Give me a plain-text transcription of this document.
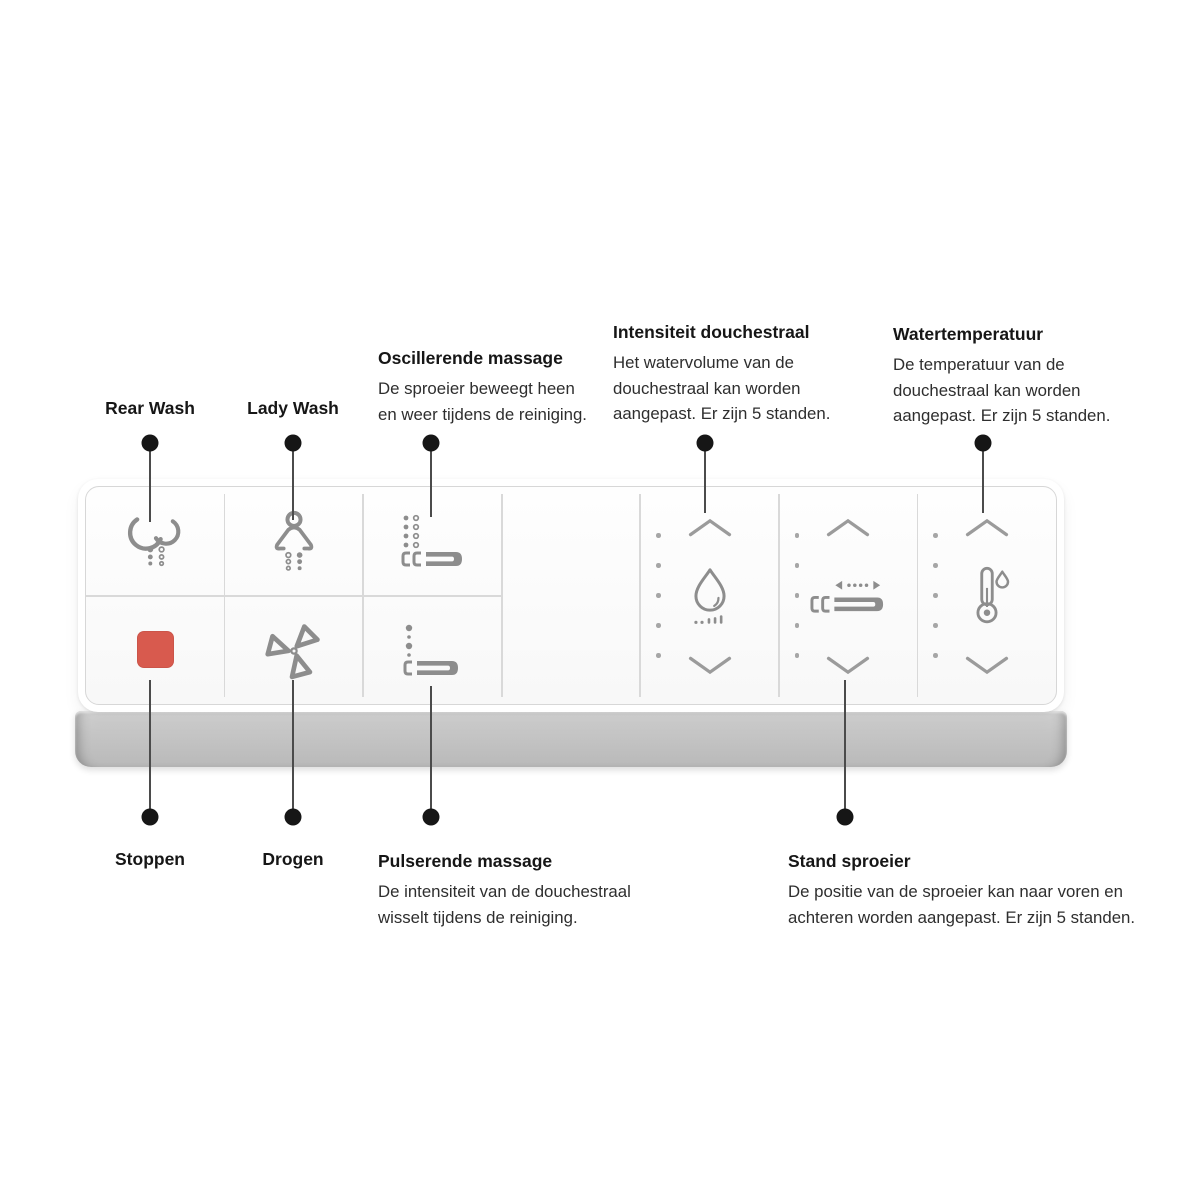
Rear Wash	Lady Wash
Oscillerende massage

De sproeier beweegt heen en weer tijdens de reiniging.

Intensiteit douchestraal

Het watervolume van de douchestraal kan worden aangepast. Er zijn 5 standen.

Watertemperatuur

De temperatuur van de douchestraal kan worden aangepast. Er zijn 5 standen.

Stoppen	Drogen	Pulserende massage

De intensiteit van de douchestraal wisselt tijdens de reiniging.

Stand sproeier

De positie van de sproeier kan naar voren en achteren worden aangepast. Er zijn 5 standen.
